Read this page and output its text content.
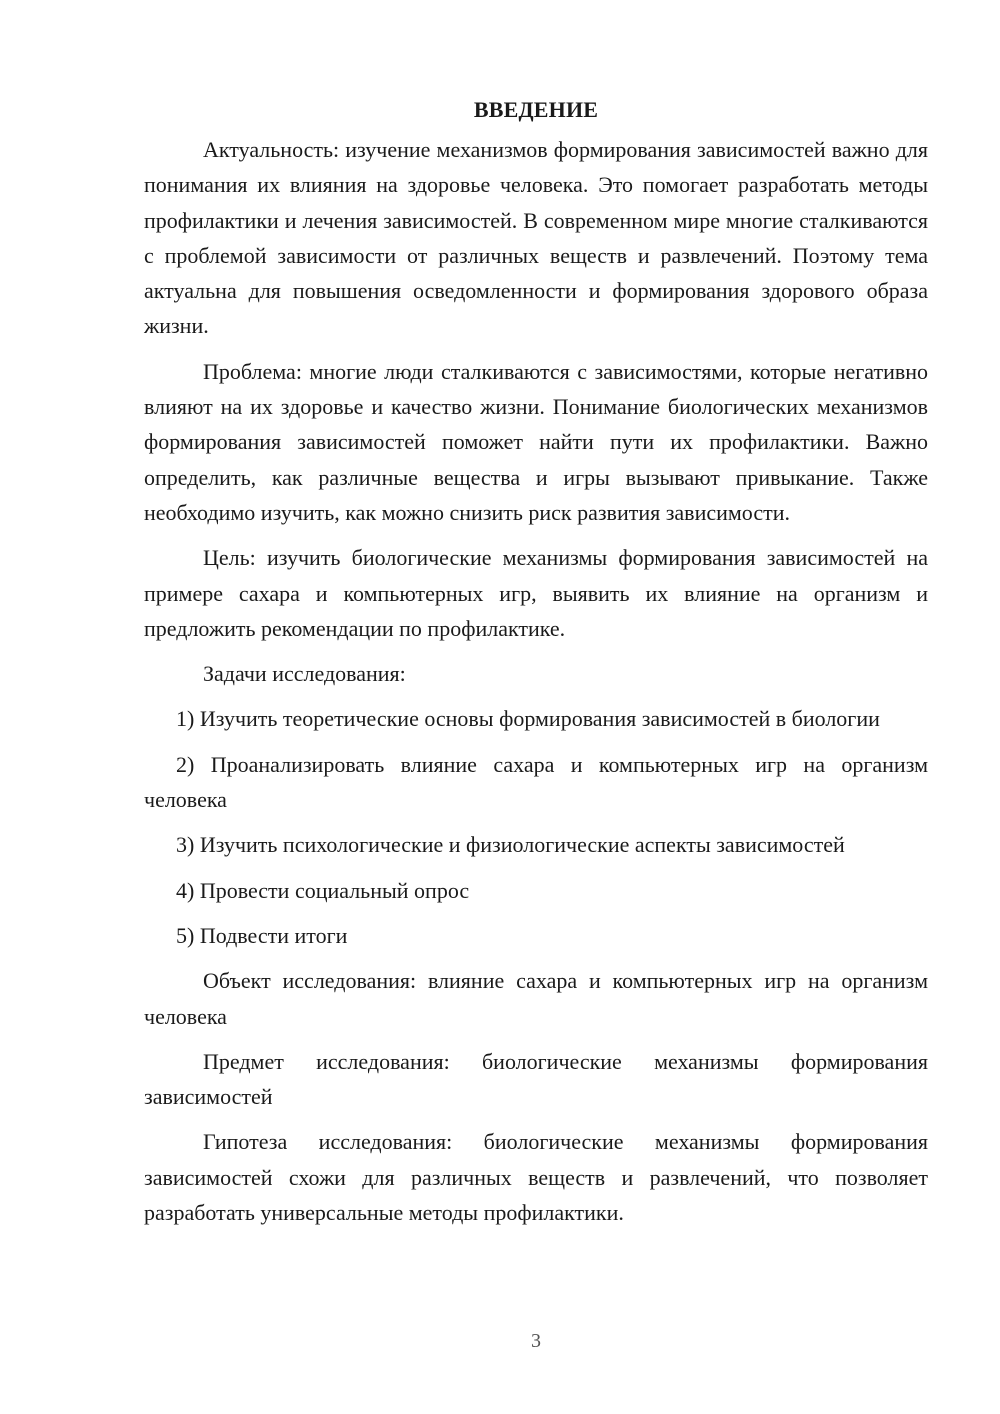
ВВЕДЕНИЕ

Актуальность: изучение механизмов формирования зависимостей важно для понимания их влияния на здоровье человека. Это помогает разработать методы профилактики и лечения зависимостей. В современном мире многие сталкиваются с проблемой зависимости от различных веществ и развлечений. Поэтому тема актуальна для повышения осведомленности и формирования здорового образа жизни.

Проблема: многие люди сталкиваются с зависимостями, которые негативно влияют на их здоровье и качество жизни. Понимание биологических механизмов формирования зависимостей поможет найти пути их профилактики. Важно определить, как различные вещества и игры вызывают привыкание. Также необходимо изучить, как можно снизить риск развития зависимости.

Цель: изучить биологические механизмы формирования зависимостей на примере сахара и компьютерных игр, выявить их влияние на организм и предложить рекомендации по профилактике.

Задачи исследования:

1) Изучить теоретические основы формирования зависимостей в биологии

2) Проанализировать влияние сахара и компьютерных игр на организм человека

3) Изучить психологические и физиологические аспекты зависимостей

4) Провести социальный опрос

5) Подвести итоги

Объект исследования: влияние сахара и компьютерных игр на организм человека

Предмет исследования: биологические механизмы формирования зависимостей

Гипотеза исследования: биологические механизмы формирования зависимостей схожи для различных веществ и развлечений, что позволяет разработать универсальные методы профилактики.

3
